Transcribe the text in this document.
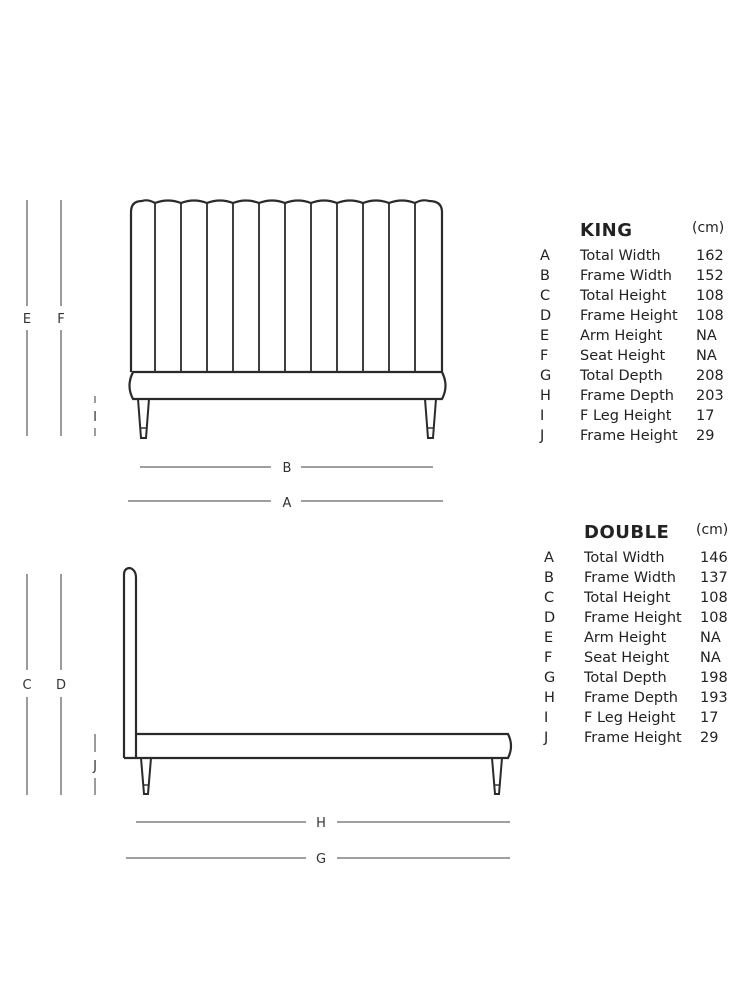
E F
I
B
A
C D
J
H
G
KING	(cm)
A Total Width 162
B Frame Width 152
C Total Height 108
D Frame Height 108
E Arm Height NA
F Seat Height NA
G Total Depth 208
H Frame Depth 203
I F Leg Height 17
J Frame Height 29
DOUBLE (cm)
A Total Width 146
B Frame Width 137
C Total Height 108
D Frame Height 108
E Arm Height NA
F Seat Height NA
G Total Depth 198
H Frame Depth 193
I F Leg Height 17
J Frame Height 29
